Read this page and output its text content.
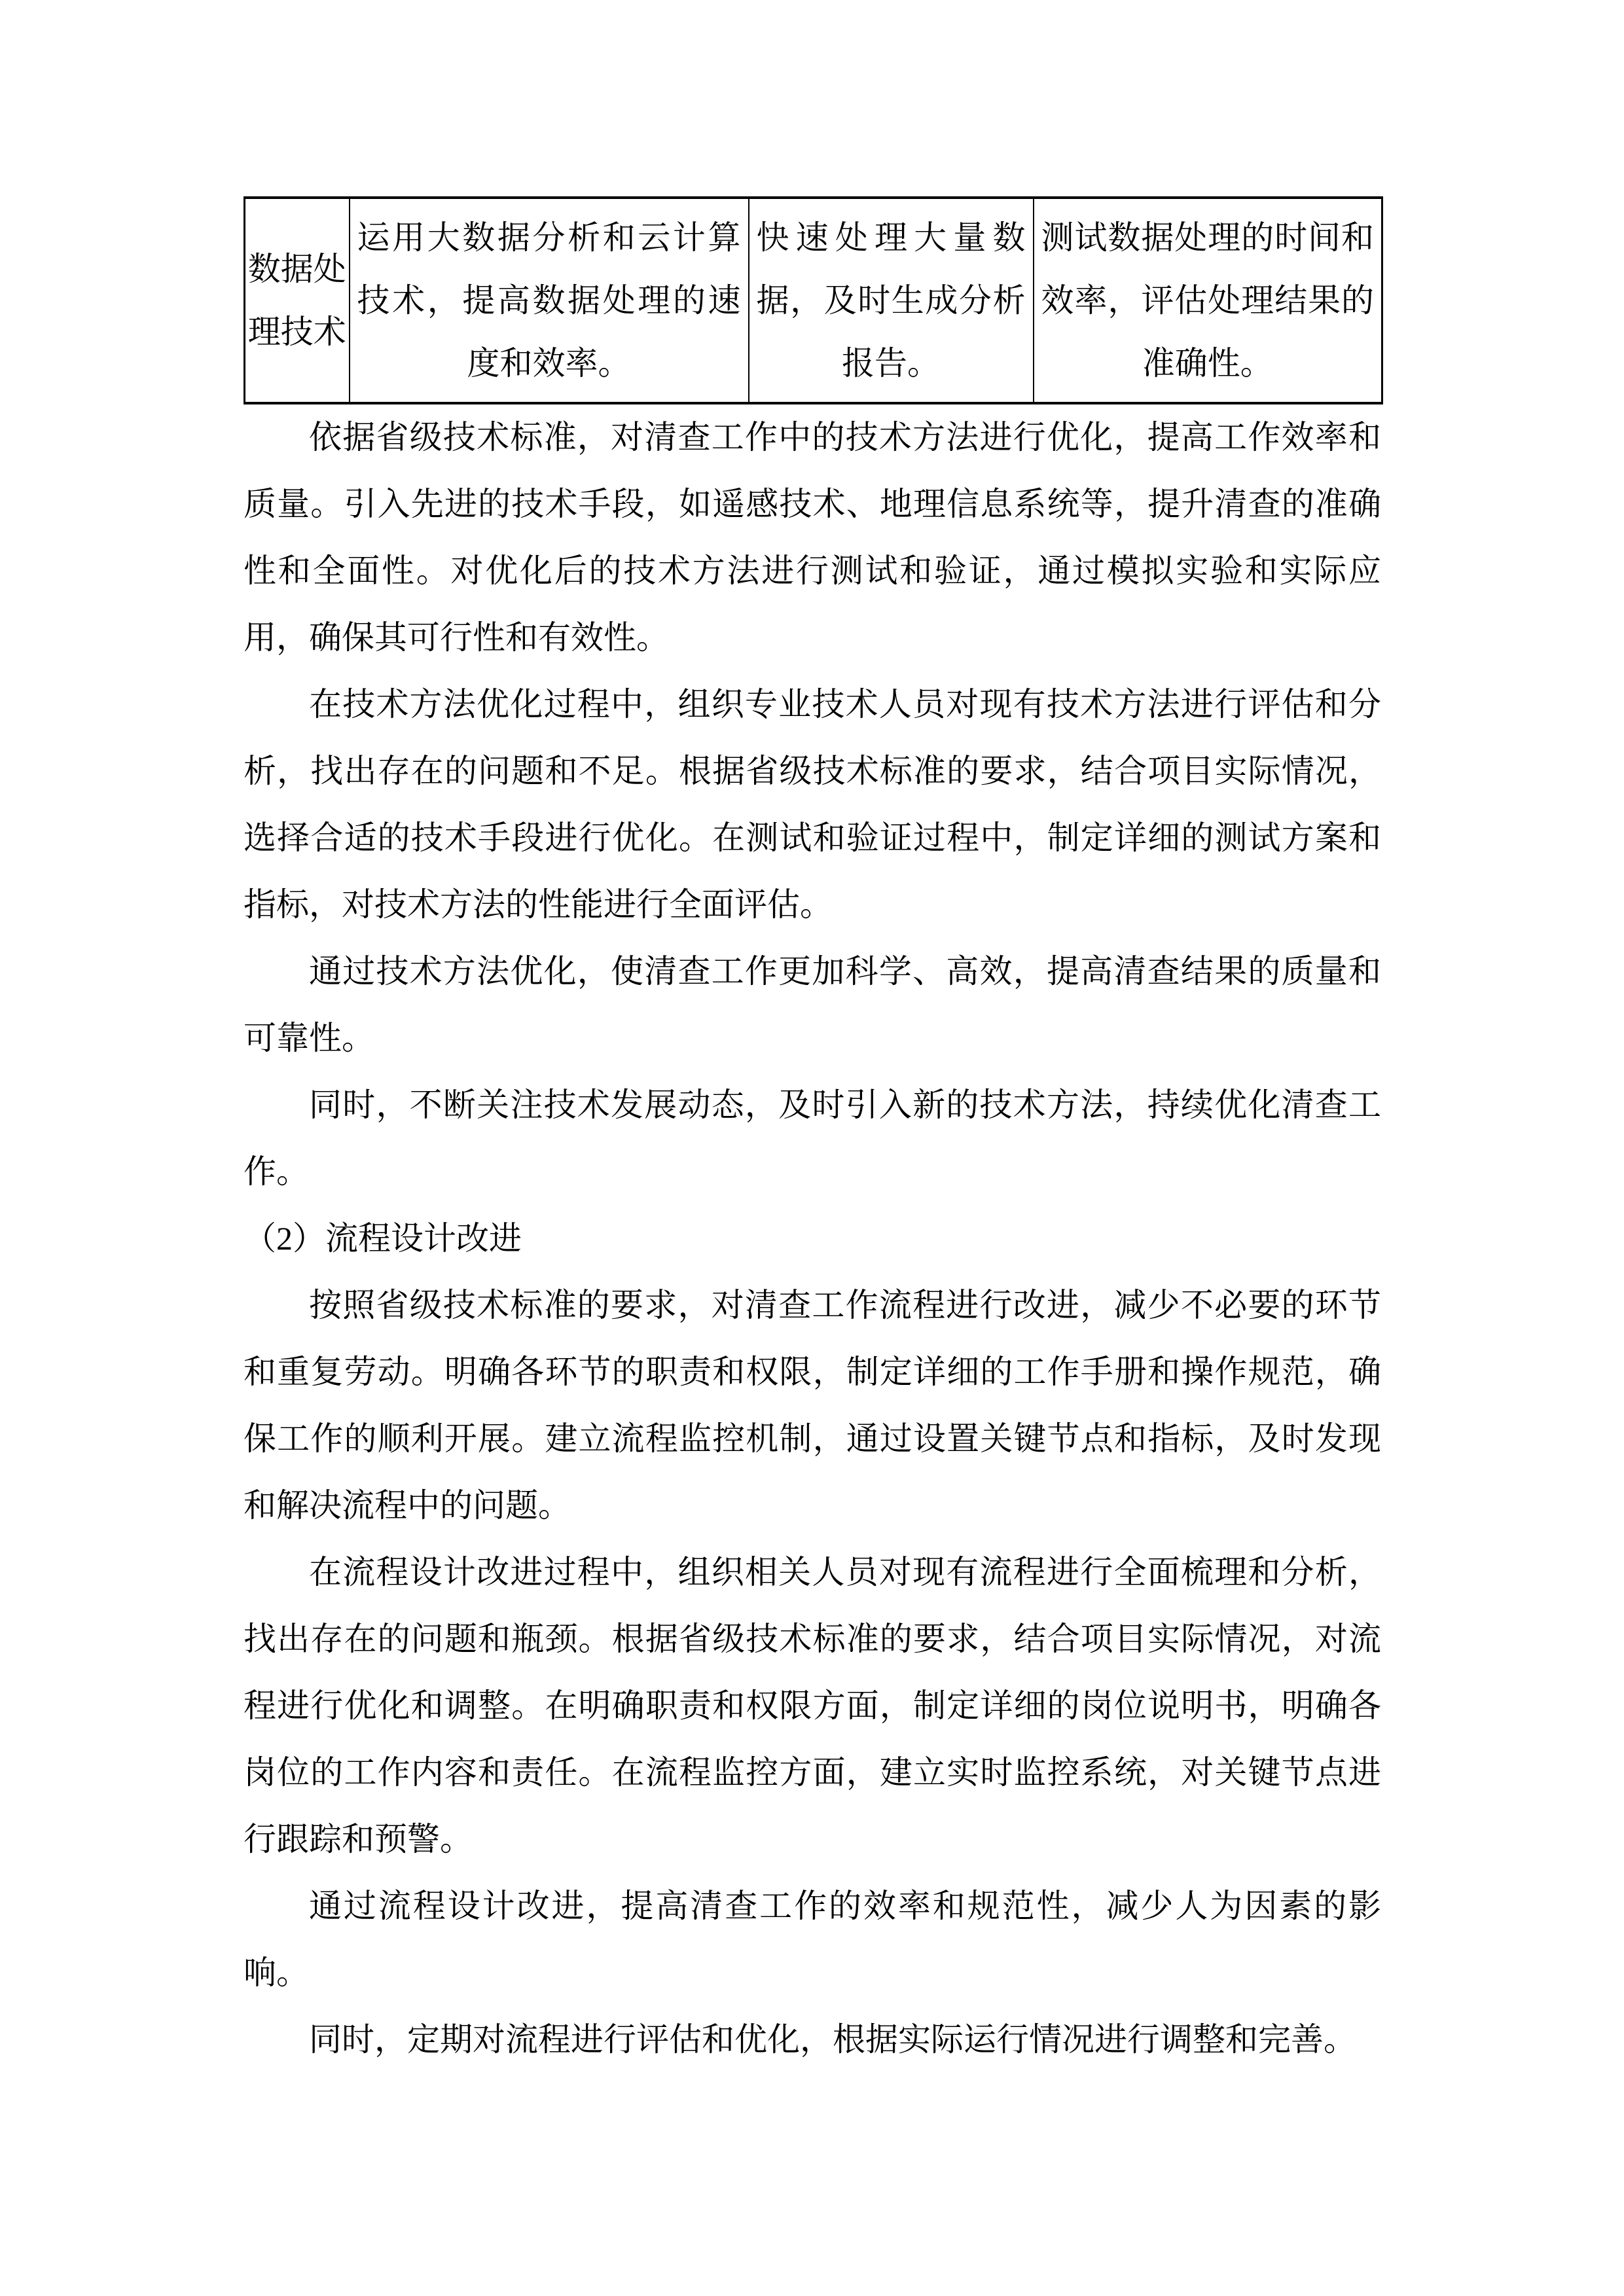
数据处理技术	运用大数据分析和云计算技术，提高数据处理的速度和效率。	快速处理大量数据，及时生成分析报告。	测试数据处理的时间和效率，评估处理结果的准确性。

依据省级技术标准，对清查工作中的技术方法进行优化，提高工作效率和质量。引入先进的技术手段，如遥感技术、地理信息系统等，提升清查的准确性和全面性。对优化后的技术方法进行测试和验证，通过模拟实验和实际应用，确保其可行性和有效性。

在技术方法优化过程中，组织专业技术人员对现有技术方法进行评估和分析，找出存在的问题和不足。根据省级技术标准的要求，结合项目实际情况，选择合适的技术手段进行优化。在测试和验证过程中，制定详细的测试方案和指标，对技术方法的性能进行全面评估。

通过技术方法优化，使清查工作更加科学、高效，提高清查结果的质量和可靠性。

同时，不断关注技术发展动态，及时引入新的技术方法，持续优化清查工作。

（2）流程设计改进

按照省级技术标准的要求，对清查工作流程进行改进，减少不必要的环节和重复劳动。明确各环节的职责和权限，制定详细的工作手册和操作规范，确保工作的顺利开展。建立流程监控机制，通过设置关键节点和指标，及时发现和解决流程中的问题。

在流程设计改进过程中，组织相关人员对现有流程进行全面梳理和分析，找出存在的问题和瓶颈。根据省级技术标准的要求，结合项目实际情况，对流程进行优化和调整。在明确职责和权限方面，制定详细的岗位说明书，明确各岗位的工作内容和责任。在流程监控方面，建立实时监控系统，对关键节点进行跟踪和预警。

通过流程设计改进，提高清查工作的效率和规范性，减少人为因素的影响。

同时，定期对流程进行评估和优化，根据实际运行情况进行调整和完善。
